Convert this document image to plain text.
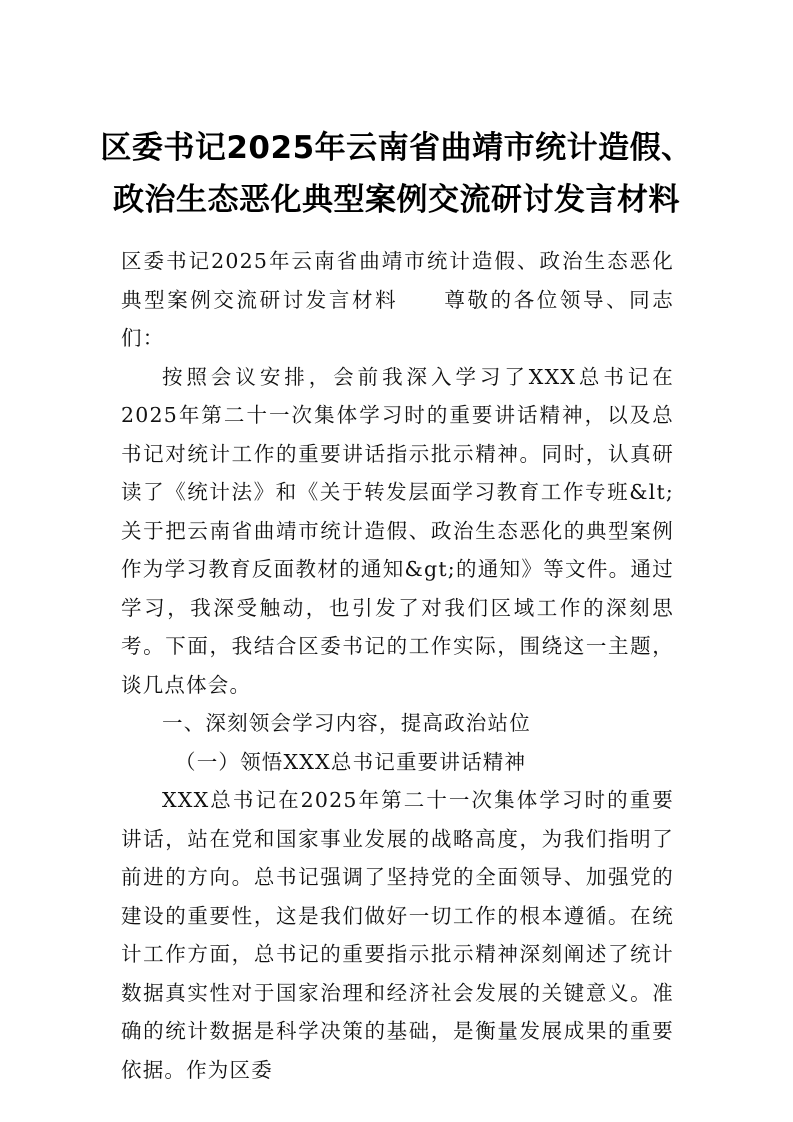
区委书记2025年云南省曲靖市统计造假、
政治生态恶化典型案例交流研讨发言材料

区委书记2025年云南省曲靖市统计造假、政治生态恶化典型案例交流研讨发言材料　　尊敬的各位领导、同志们：

按照会议安排，会前我深入学习了XXX总书记在2025年第二十一次集体学习时的重要讲话精神，以及总书记对统计工作的重要讲话指示批示精神。同时，认真研读了《统计法》和《关于转发层面学习教育工作专班&lt;关于把云南省曲靖市统计造假、政治生态恶化的典型案例作为学习教育反面教材的通知&gt;的通知》等文件。通过学习，我深受触动，也引发了对我们区域工作的深刻思考。下面，我结合区委书记的工作实际，围绕这一主题，谈几点体会。

一、深刻领会学习内容，提高政治站位

（一）领悟XXX总书记重要讲话精神

XXX总书记在2025年第二十一次集体学习时的重要讲话，站在党和国家事业发展的战略高度，为我们指明了前进的方向。总书记强调了坚持党的全面领导、加强党的建设的重要性，这是我们做好一切工作的根本遵循。在统计工作方面，总书记的重要指示批示精神深刻阐述了统计数据真实性对于国家治理和经济社会发展的关键意义。准确的统计数据是科学决策的基础，是衡量发展成果的重要依据。作为区委
